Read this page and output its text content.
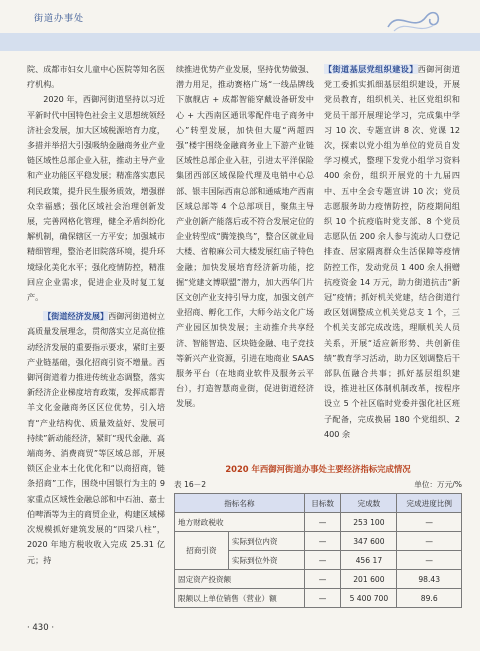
街道办事处

院、成都市妇女儿童中心医院等知名医疗机构。

2020 年，西御河街道坚持以习近平新时代中国特色社会主义思想统领经济社会发展，加大区域税源培育力度，多措并举招大引强吸纳金融商务业产业链区域性总部企业入驻，推动主导产业和产业功能区平稳发展；精准落实惠民利民政策，提升民生服务质效，增强群众幸福感；强化区域社会治理创新发展，完善网格化管理，健全矛盾纠纷化解机制，确保辖区一方平安；加强城市精细管理，整治老旧院落环境，提升环境绿化美化水平；强化疫情防控，精准回应企业需求，促进企业及时复工复产。

【街道经济发展】西御河街道树立高质量发展理念，贯彻落实立足高位推动经济发展的重要指示要求，紧盯主要产业链基础，强化招商引资不增量。西御河街道着力推进传统业态调整，落实新经济企业梯度培育政策，发挥成都青羊文化金融商务区区位优势，引入培育“产业结构优、质量效益好、发展可持续”新动能经济，紧盯“现代金融、高端商务、消费商贸”等区域总部，开展锁区企业本土化优化和“以商招商，链条招商”工作，围绕中国银行为主的 9 家重点区域性金融总部和中石油、嘉士伯啤酒等为主的商贸企业，构建区域梯次规模抓好建筑发展的“四梁八柱”，2020 年地方税收收入完成 25.31 亿元；持

续推进优势产业发展，坚持优势做强、潜力用足，推动赛格广场“一线品牌线下旗舰店 + 成都智能穿戴设备研发中心 + 大西南区通讯零配件电子商务中心”转型发展，加快但大厦“两超四强”楼宇围绕金融商务业上下游产业链区域性总部企业入驻，引进太平洋保险集团西部区域保险代理及电销中心总部、银丰国际西南总部和通威地产西南区域总部等 4 个总部项目，聚焦主导产业创新产能落后或不符合发展定位的企业转型成“腾笼换鸟”，整合区就业局大楼、省粮麻公司大楼发展红庙子特色金融；加快发展培育经济新功能，挖掘“党建文博联盟”潜力，加大西华门片区文创产业支持引导力度，加强文创产业招商、孵化工作，大师今站文化广场产业园区加快发展；主动推介共享经济、智能智造、区块链金融、电子竞技等新兴产业资源，引进在地商业 SAAS 服务平台（在地商业软件及服务云平台），打造智慧商业街，促进街道经济发展。

【街道基层党组织建设】西御河街道党工委抓实抓细基层组织建设，开展党员教育，组织机关、社区党组织和党员干部开展理论学习，完成集中学习 10 次、专题宣讲 8 次、党课 12 次，探索以党小组为单位的党员自发学习模式，整理下发党小组学习资料 400 余份，组织开展党的十九届四中、五中全会专题宣讲 10 次；党员志愿服务助力疫情防控，防疫期间组织 10 个抗疫临时党支部、8 个党员志愿队伍 200 余人参与流动人口登记排查、居家隔离群众生活保障等疫情防控工作，发动党员 1 400 余人捐赠抗疫资金 14 万元，助力街道抗击“新冠”疫情；抓好机关党建，结合街道行政区划调整成立机关党总支 1 个，三个机关支部完成改选，理顺机关人员关系，开展“适应新形势、共创新佳绩”教育学习活动，助力区划调整后干部队伍融合共事；抓好基层组织建设，推进社区体制机制改革，按程序设立 5 个社区临时党委并强化社区班子配备，完成换届 180 个党组织、2 400 余

2020 年西御河街道办事处主要经济指标完成情况
表 16－2	单位：万元/%
指标名称		目标数	完成数	完成进度比例
地方财政税收		—	253 100	—
招商引资	实际到位内资	—	347 600	—
	实际到位外资	—	456 17	—
固定资产投资额		—	201 600	98.43
限额以上单位销售（营业）额		—	5 400 700	89.6
· 430 ·
